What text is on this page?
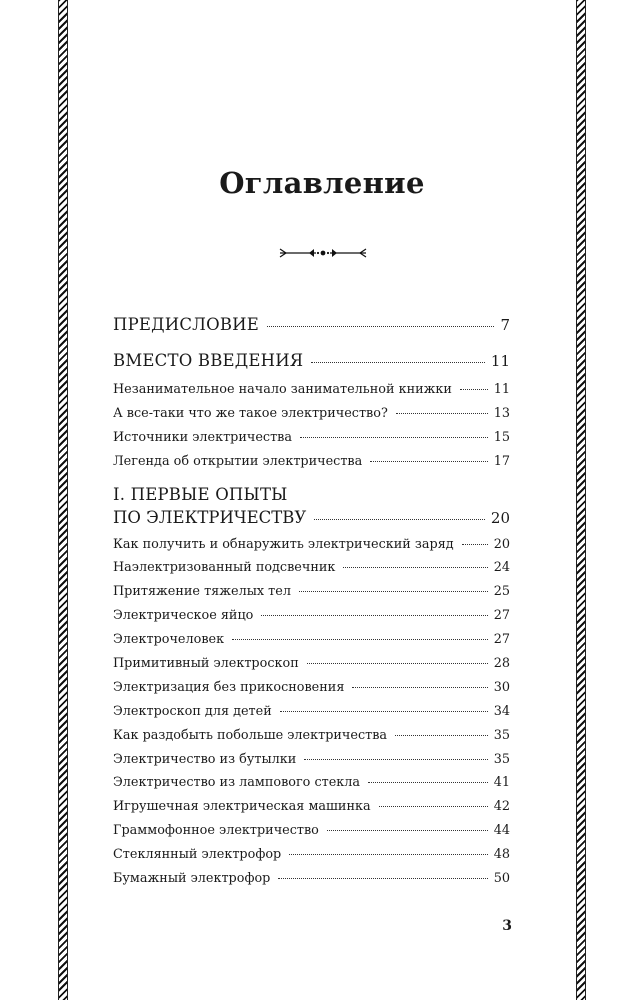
Оглавление
ПРЕДИСЛОВИЕ	7
ВМЕСТО ВВЕДЕНИЯ	11
Незанимательное начало занимательной книжки	11
А все-таки что же такое электричество?	13
Источники электричества	15
Легенда об открытии электричества	17
I. ПЕРВЫЕ ОПЫТЫ
ПО ЭЛЕКТРИЧЕСТВУ	20
Как получить и обнаружить электрический заряд	20
Наэлектризованный подсвечник	24
Притяжение тяжелых тел	25
Электрическое яйцо	27
Электрочеловек	27
Примитивный электроскоп	28
Электризация без прикосновения	30
Электроскоп для детей	34
Как раздобыть побольше электричества	35
Электричество из бутылки	35
Электричество из лампового стекла	41
Игрушечная электрическая машинка	42
Граммофонное электричество	44
Стеклянный электрофор	48
Бумажный электрофор	50
3
